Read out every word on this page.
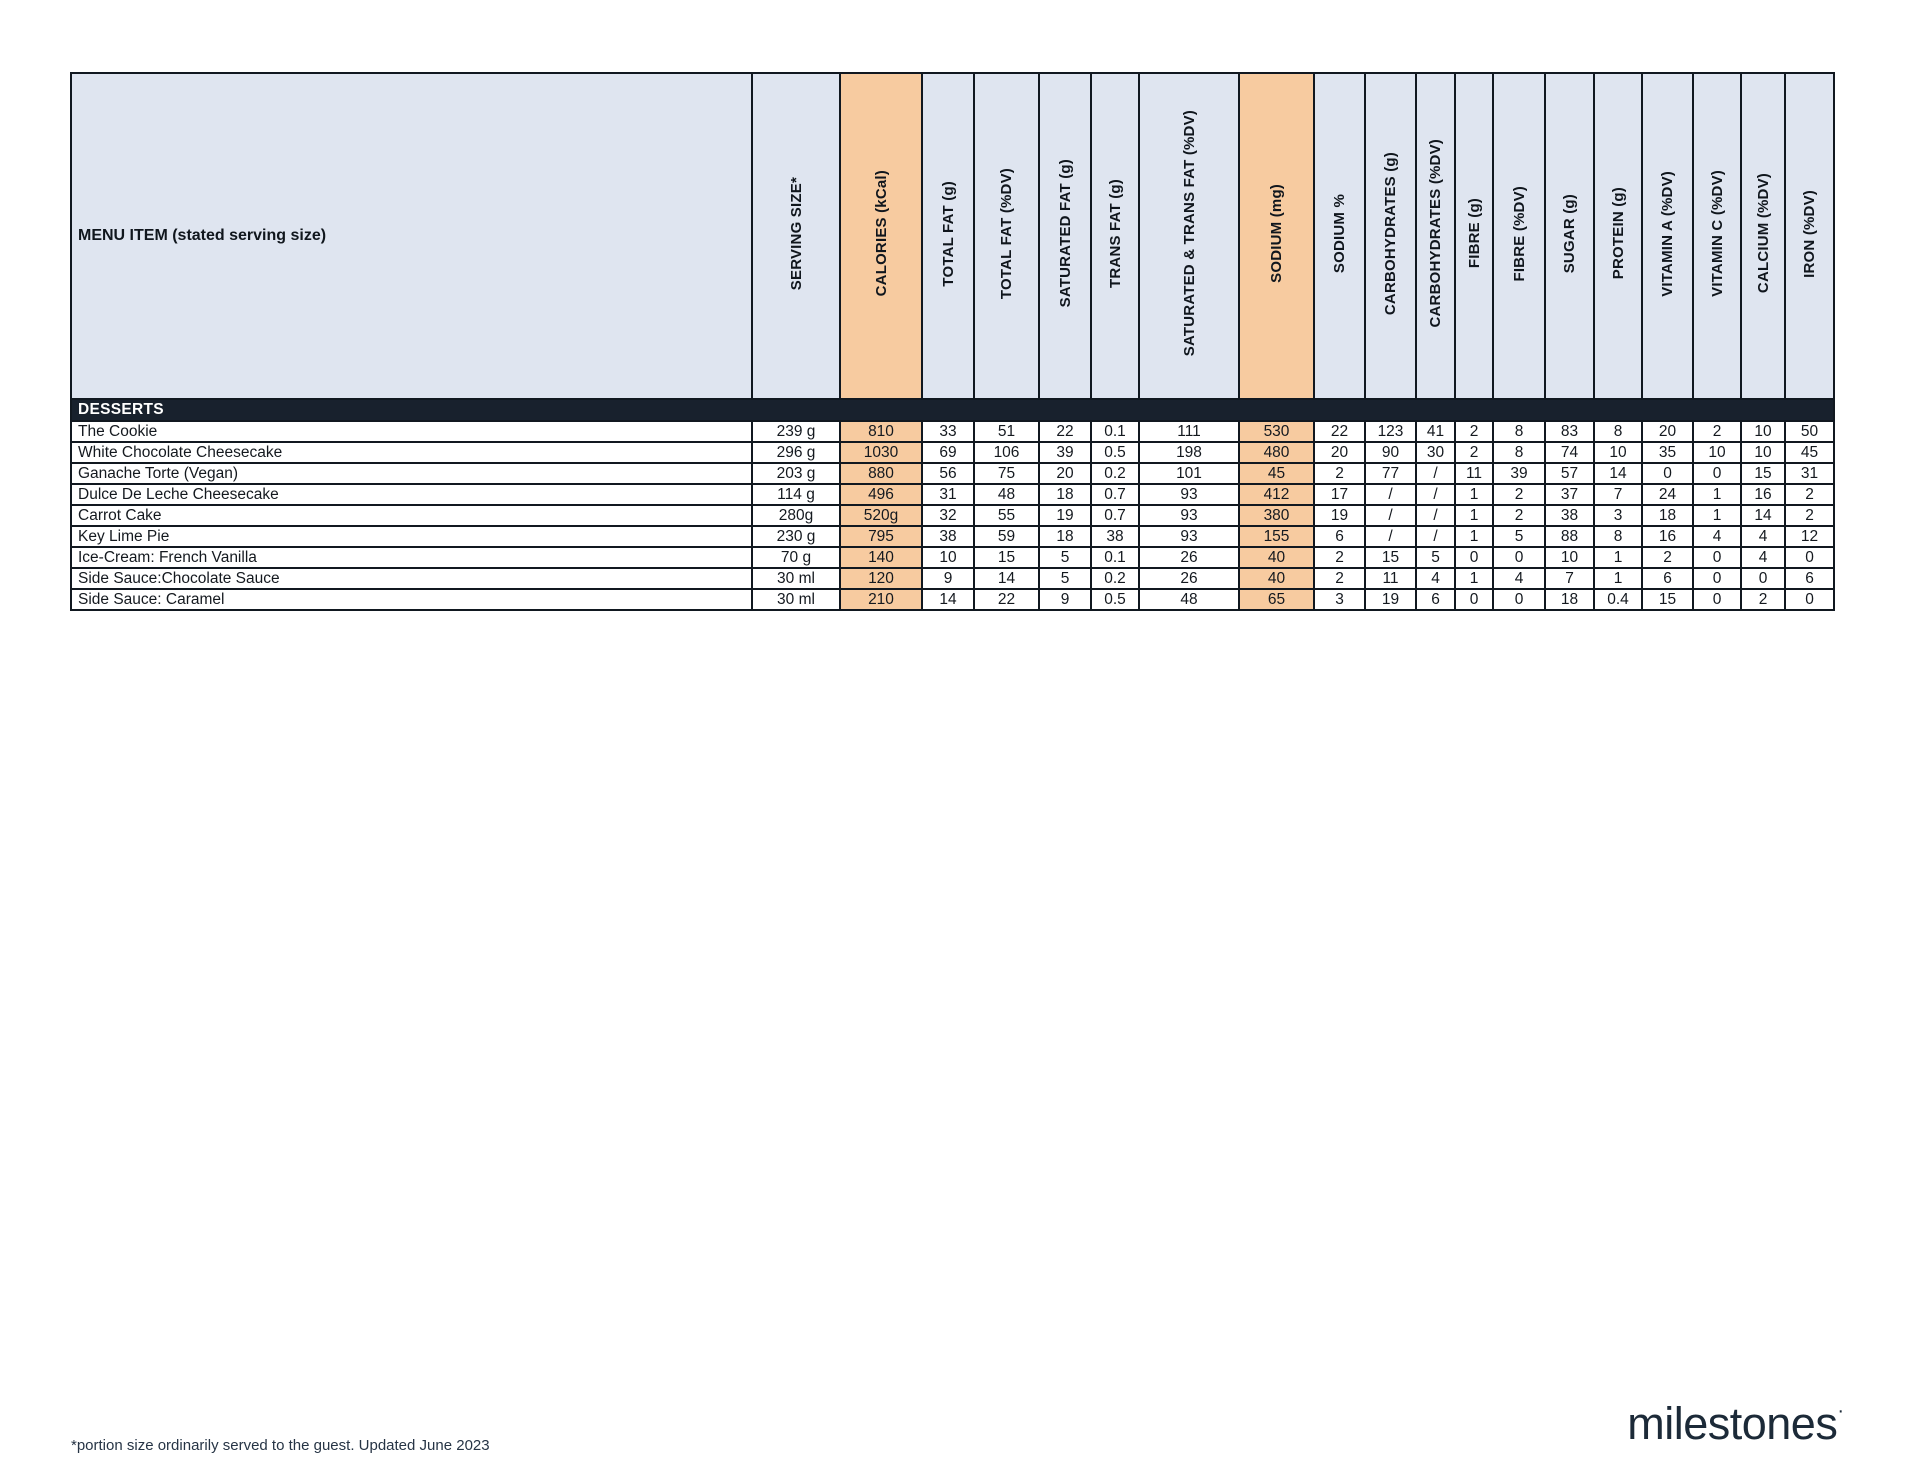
MENU ITEM (stated serving size)	SERVING SIZE*	CALORIES (kCal)	TOTAL FAT (g)	TOTAL FAT (%DV)	SATURATED FAT (g)	TRANS FAT (g)	SATURATED & TRANS FAT (%DV)	SODIUM (mg)	SODIUM %	CARBOHYDRATES (g)	CARBOHYDRATES (%DV)	FIBRE (g)	FIBRE (%DV)	SUGAR (g)	PROTEIN (g)	VITAMIN A (%DV)	VITAMIN C (%DV)	CALCIUM (%DV)	IRON (%DV)
DESSERTS																			
The Cookie	239 g	810	33	51	22	0.1	111	530	22	123	41	2	8	83	8	20	2	10	50
White Chocolate Cheesecake	296 g	1030	69	106	39	0.5	198	480	20	90	30	2	8	74	10	35	10	10	45
Ganache Torte (Vegan)	203 g	880	56	75	20	0.2	101	45	2	77	/	11	39	57	14	0	0	15	31
Dulce De Leche Cheesecake	114 g	496	31	48	18	0.7	93	412	17	/	/	1	2	37	7	24	1	16	2
Carrot Cake	280g	520g	32	55	19	0.7	93	380	19	/	/	1	2	38	3	18	1	14	2
Key Lime Pie	230 g	795	38	59	18	38	93	155	6	/	/	1	5	88	8	16	4	4	12
Ice-Cream: French Vanilla	70 g	140	10	15	5	0.1	26	40	2	15	5	0	0	10	1	2	0	4	0
Side Sauce:Chocolate Sauce	30 ml	120	9	14	5	0.2	26	40	2	11	4	1	4	7	1	6	0	0	6
Side Sauce: Caramel	30 ml	210	14	22	9	0.5	48	65	3	19	6	0	0	18	0.4	15	0	2	0
*portion size ordinarily served to the guest. Updated June 2023	milestones·
